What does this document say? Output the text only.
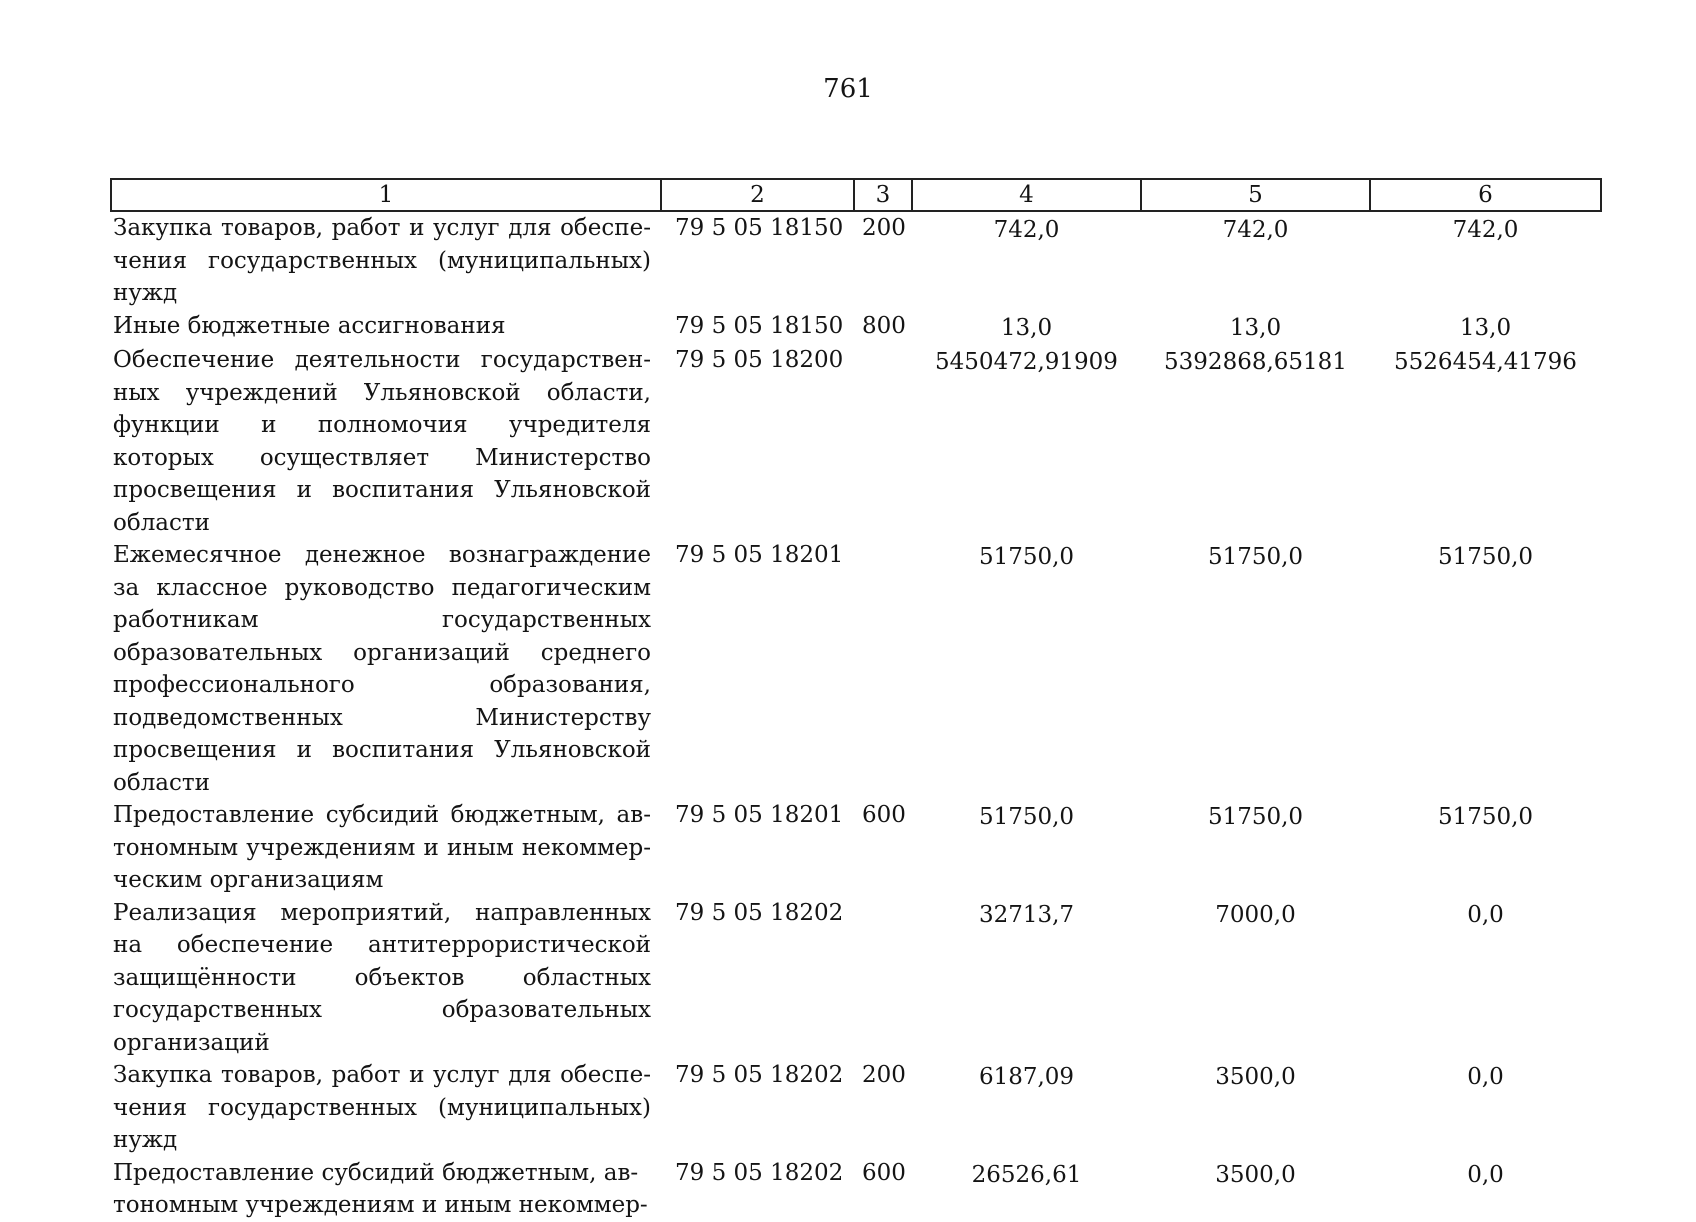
761
1	2	3	4	5	6
Закупка товаров, работ и услуг для обеспечения государственных (муниципальных) нужд	79 5 05 18150	200	742,0	742,0	742,0
Иные бюджетные ассигнования	79 5 05 18150	800	13,0	13,0	13,0
Обеспечение деятельности государственных учреждений Ульяновской области, функции и полномочия учредителя которых осуществляет Министерство просвещения и воспитания Ульяновской области	79 5 05 18200		5450472,91909	5392868,65181	5526454,41796
Ежемесячное денежное вознаграждение за классное руководство педагогическим работникам государственных образовательных организаций среднего профессионального образования, подведомственных Министерству просвещения и воспитания Ульяновской области	79 5 05 18201		51750,0	51750,0	51750,0
Предоставление субсидий бюджетным, автономным учреждениям и иным некоммерческим организациям	79 5 05 18201	600	51750,0	51750,0	51750,0
Реализация мероприятий, направленных на обеспечение антитеррористической защищённости объектов областных государственных образовательных организаций	79 5 05 18202		32713,7	7000,0	0,0
Закупка товаров, работ и услуг для обеспечения государственных (муниципальных) нужд	79 5 05 18202	200	6187,09	3500,0	0,0
Предоставление субсидий бюджетным, автономным учреждениям и иным некоммер-	79 5 05 18202	600	26526,61	3500,0	0,0
